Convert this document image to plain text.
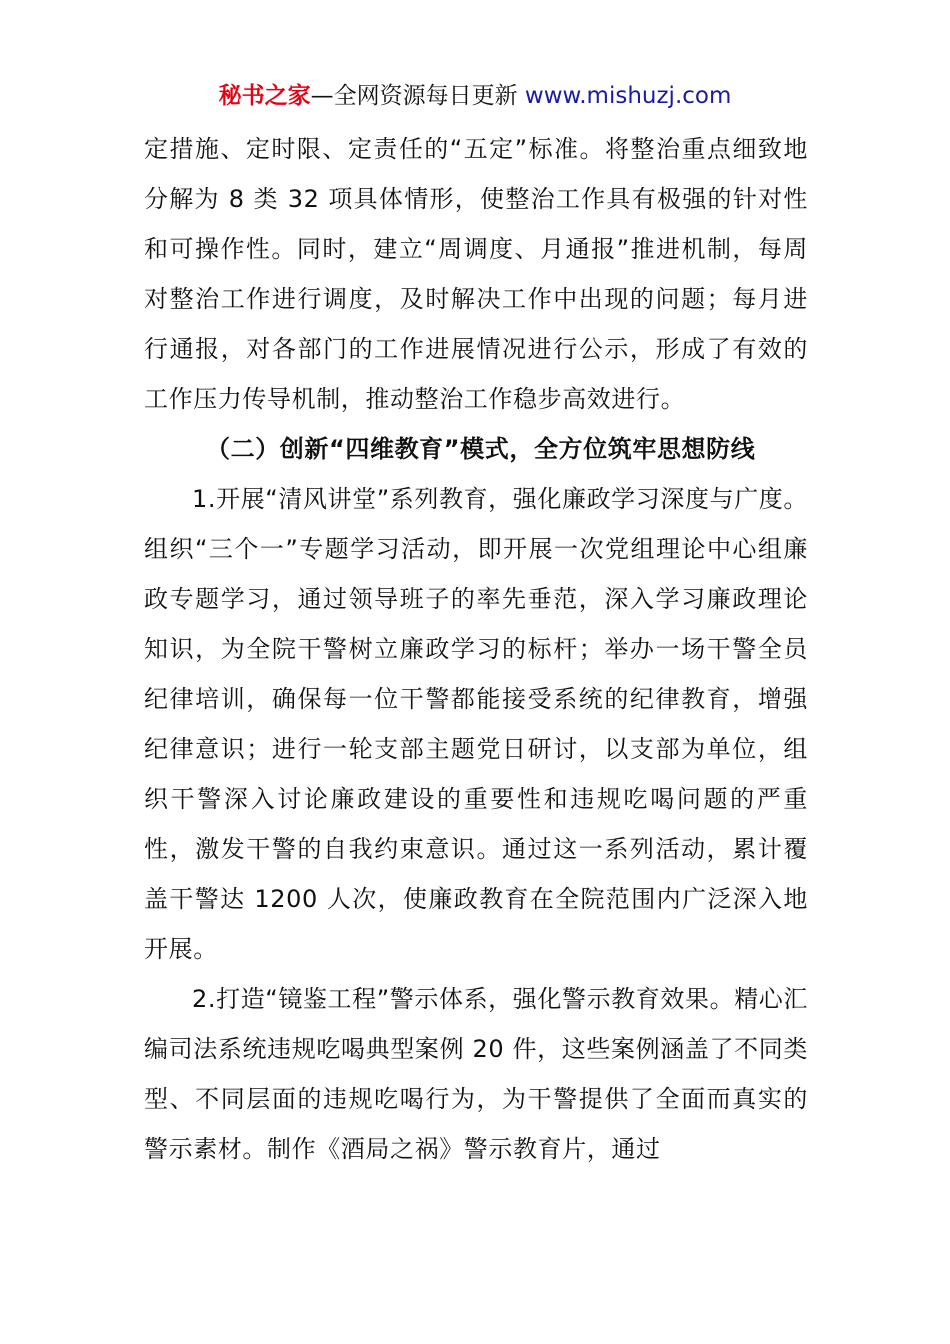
秘书之家—全网资源每日更新 www.mishuzj.com

定措施、定时限、定责任的“五定”标准。将整治重点细致地分解为 8 类 32 项具体情形，使整治工作具有极强的针对性和可操作性。同时，建立“周调度、月通报”推进机制，每周对整治工作进行调度，及时解决工作中出现的问题；每月进行通报，对各部门的工作进展情况进行公示，形成了有效的工作压力传导机制，推动整治工作稳步高效进行。

（二）创新“四维教育”模式，全方位筑牢思想防线

1.开展“清风讲堂”系列教育，强化廉政学习深度与广度。组织“三个一”专题学习活动，即开展一次党组理论中心组廉政专题学习，通过领导班子的率先垂范，深入学习廉政理论知识，为全院干警树立廉政学习的标杆；举办一场干警全员纪律培训，确保每一位干警都能接受系统的纪律教育，增强纪律意识；进行一轮支部主题党日研讨，以支部为单位，组织干警深入讨论廉政建设的重要性和违规吃喝问题的严重性，激发干警的自我约束意识。通过这一系列活动，累计覆盖干警达 1200 人次，使廉政教育在全院范围内广泛深入地开展。

2.打造“镜鉴工程”警示体系，强化警示教育效果。精心汇编司法系统违规吃喝典型案例 20 件，这些案例涵盖了不同类型、不同层面的违规吃喝行为，为干警提供了全面而真实的警示素材。制作《酒局之祸》警示教育片，通过
